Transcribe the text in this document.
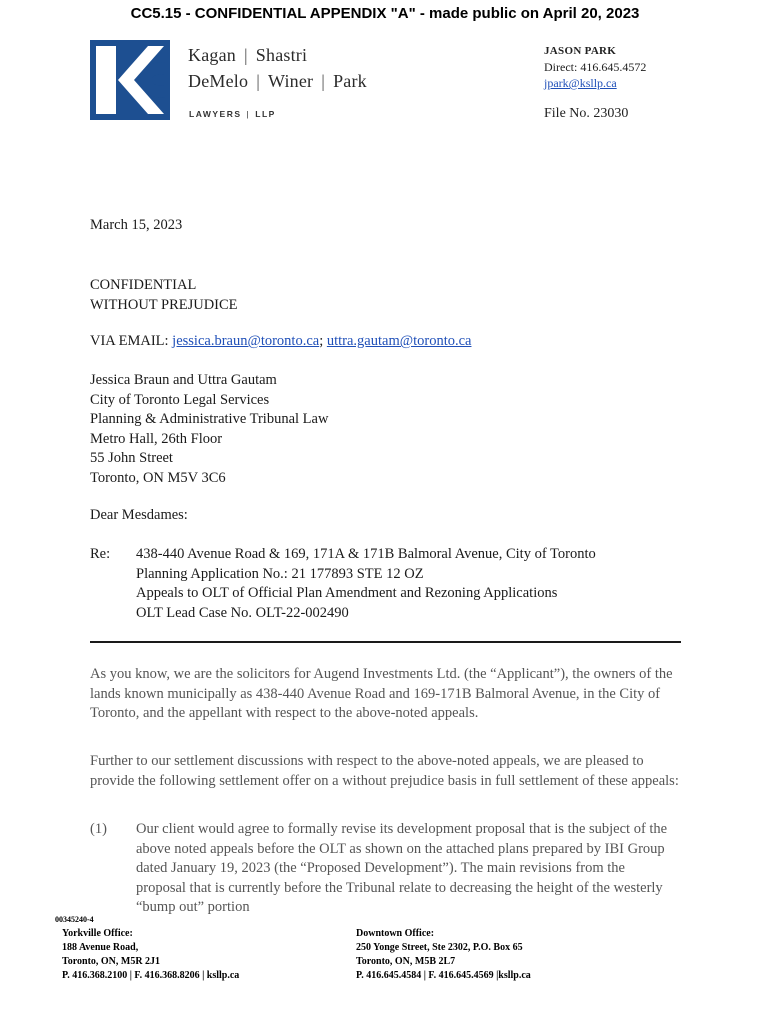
CC5.15 - CONFIDENTIAL APPENDIX "A" - made public on April 20, 2023
Kagan | Shastri
DeMelo | Winer | Park
LAWYERS | LLP
JASON PARK
Direct: 416.645.4572
jpark@ksllp.ca
File No. 23030
March 15, 2023
CONFIDENTIAL
WITHOUT PREJUDICE
VIA EMAIL: jessica.braun@toronto.ca; uttra.gautam@toronto.ca
Jessica Braun and Uttra Gautam
City of Toronto Legal Services
Planning & Administrative Tribunal Law
Metro Hall, 26th Floor
55 John Street
Toronto, ON M5V 3C6
Dear Mesdames:
Re:	438-440 Avenue Road & 169, 171A & 171B Balmoral Avenue, City of Toronto
Planning Application No.: 21 177893 STE 12 OZ
Appeals to OLT of Official Plan Amendment and Rezoning Applications
OLT Lead Case No. OLT-22-002490
As you know, we are the solicitors for Augend Investments Ltd. (the “Applicant”), the owners of the lands known municipally as 438-440 Avenue Road and 169-171B Balmoral Avenue, in the City of Toronto, and the appellant with respect to the above-noted appeals.
Further to our settlement discussions with respect to the above-noted appeals, we are pleased to provide the following settlement offer on a without prejudice basis in full settlement of these appeals:
(1)	Our client would agree to formally revise its development proposal that is the subject of the above noted appeals before the OLT as shown on the attached plans prepared by IBI Group dated January 19, 2023 (the “Proposed Development”). The main revisions from the proposal that is currently before the Tribunal relate to decreasing the height of the westerly “bump out” portion
00345240-4
Yorkville Office:
188 Avenue Road,
Toronto, ON, M5R 2J1
P. 416.368.2100 | F. 416.368.8206 | ksllp.ca
Downtown Office:
250 Yonge Street, Ste 2302, P.O. Box 65
Toronto, ON, M5B 2L7
P. 416.645.4584 | F. 416.645.4569 |ksllp.ca
